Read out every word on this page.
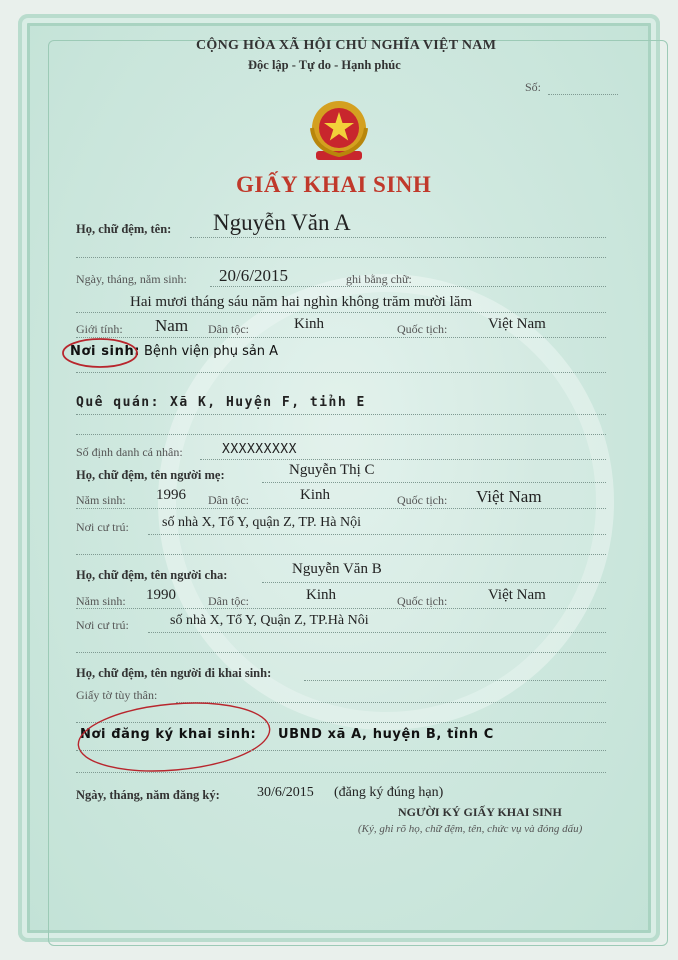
CỘNG HÒA XÃ HỘI CHỦ NGHĨA VIỆT NAM
Độc lập - Tự do - Hạnh phúc
Số:
GIẤY KHAI SINH
Họ, chữ đệm, tên: Nguyễn Văn A
Ngày, tháng, năm sinh: 20/6/2015	ghi bằng chữ:
Hai mươi tháng sáu năm hai nghìn không trăm mười lăm
Giới tính: Nam Dân tộc:	Kinh	Quốc tịch:	Việt Nam
Nơi sinh: Bệnh viện phụ sản A
Quê quán: Xã K, Huyện F, tỉnh E
Số định danh cá nhân:	XXXXXXXXX
Họ, chữ đệm, tên người mẹ:	Nguyễn Thị C
Năm sinh: 1996 Dân tộc:	Kinh	Quốc tịch: Việt Nam
Nơi cư trú: số nhà X, Tổ Y, quận Z, TP. Hà Nội
Họ, chữ đệm, tên người cha:	Nguyễn Văn B
Năm sinh: 1990	Dân tộc:	Kinh	Quốc tịch:	Việt Nam
Nơi cư trú:	số nhà X, Tổ Y, Quận Z, TP.Hà Nôi
Họ, chữ đệm, tên người đi khai sinh:
Giấy tờ tùy thân:
Nơi đăng ký khai sinh: UBND xã A, huyện B, tỉnh C
Ngày, tháng, năm đăng ký:	30/6/2015 (đăng ký đúng hạn)
NGƯỜI KÝ GIẤY KHAI SINH
(Ký, ghi rõ họ, chữ đệm, tên, chức vụ và đóng dấu)
